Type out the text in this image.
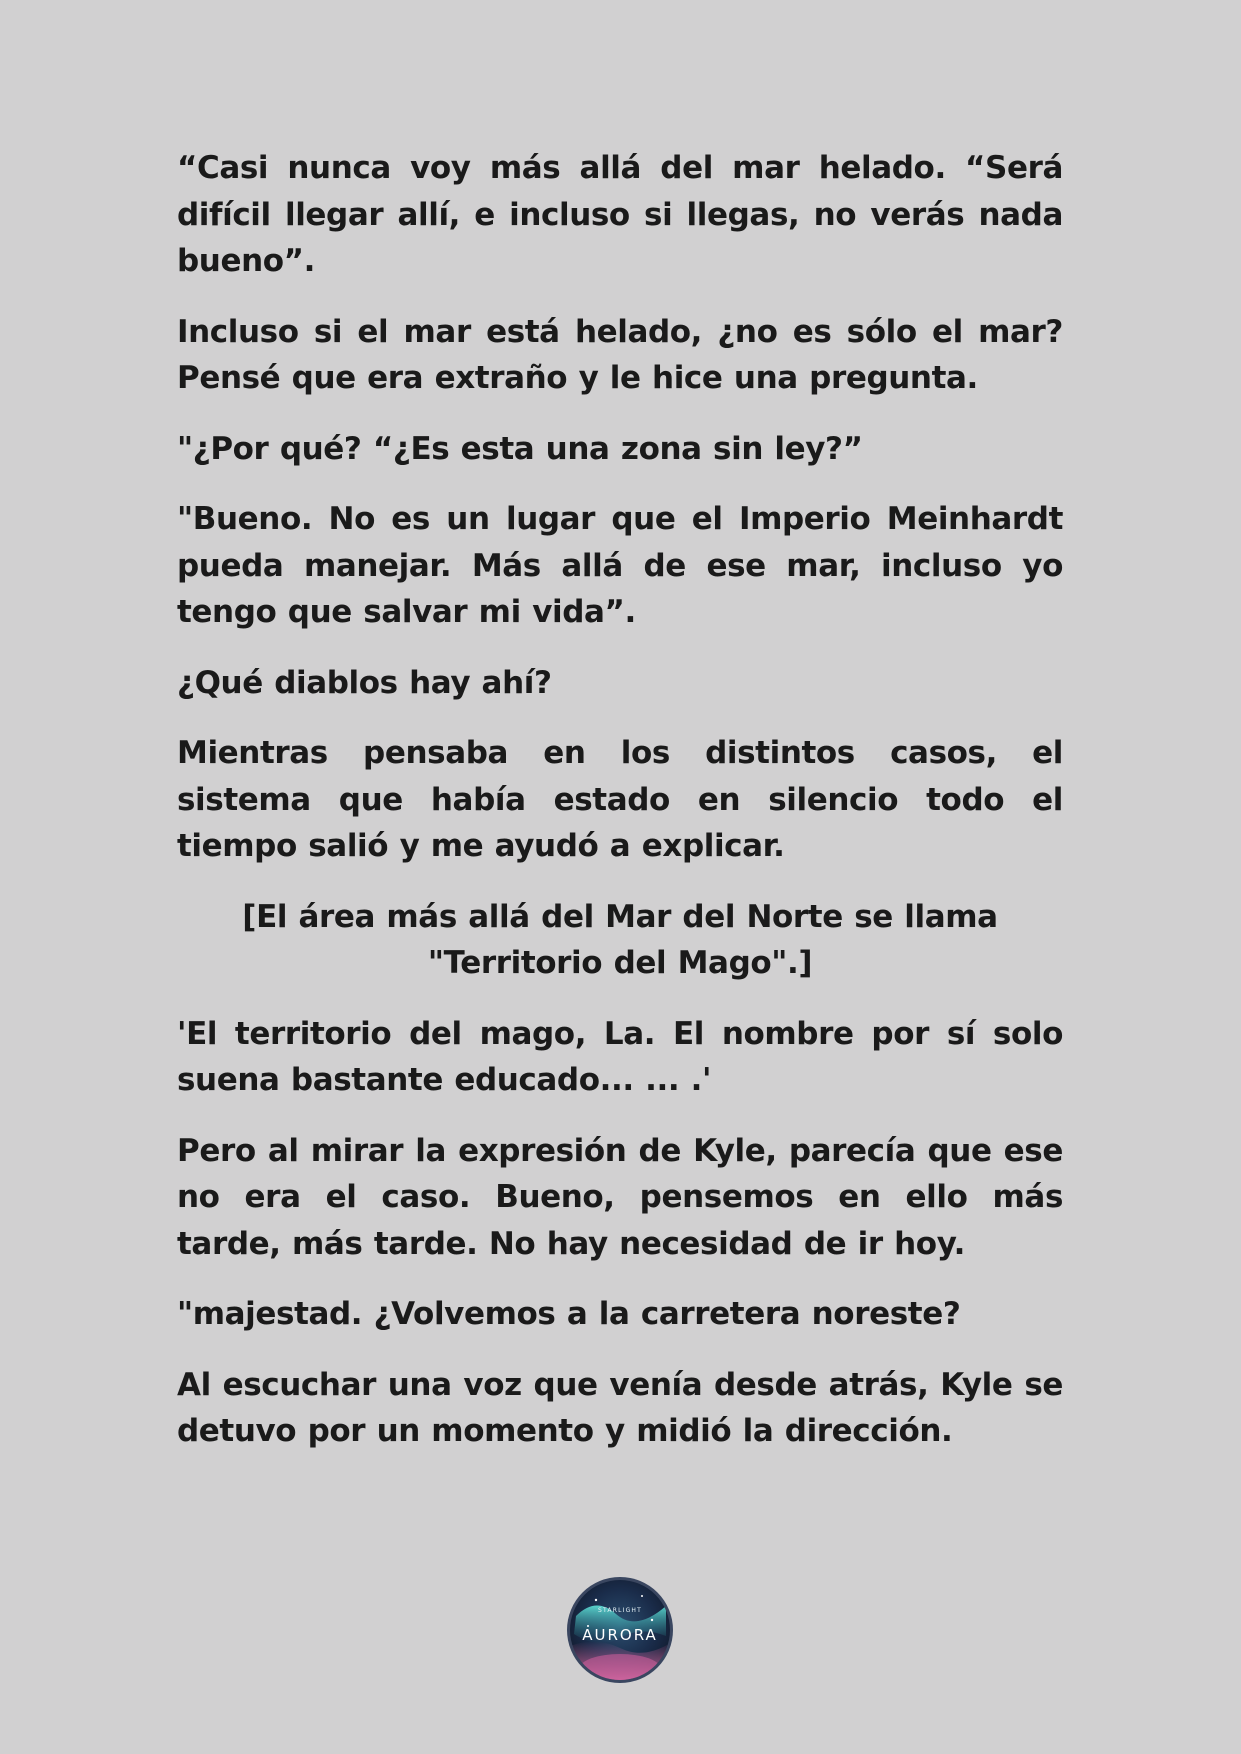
“Casi nunca voy más allá del mar helado. “Será difícil llegar allí, e incluso si llegas, no verás nada bueno”.

Incluso si el mar está helado, ¿no es sólo el mar? Pensé que era extraño y le hice una pregunta.

"¿Por qué? “¿Es esta una zona sin ley?”

"Bueno. No es un lugar que el Imperio Meinhardt pueda manejar. Más allá de ese mar, incluso yo tengo que salvar mi vida”.

¿Qué diablos hay ahí?

Mientras pensaba en los distintos casos, el sistema que había estado en silencio todo el tiempo salió y me ayudó a explicar.

[El área más allá del Mar del Norte se llama "Territorio del Mago".]

'El territorio del mago, La. El nombre por sí solo suena bastante educado... ... .'

Pero al mirar la expresión de Kyle, parecía que ese no era el caso. Bueno, pensemos en ello más tarde, más tarde. No hay necesidad de ir hoy.

"majestad. ¿Volvemos a la carretera noreste?

Al escuchar una voz que venía desde atrás, Kyle se detuvo por un momento y midió la dirección.

STARLIGHT
AURORA
